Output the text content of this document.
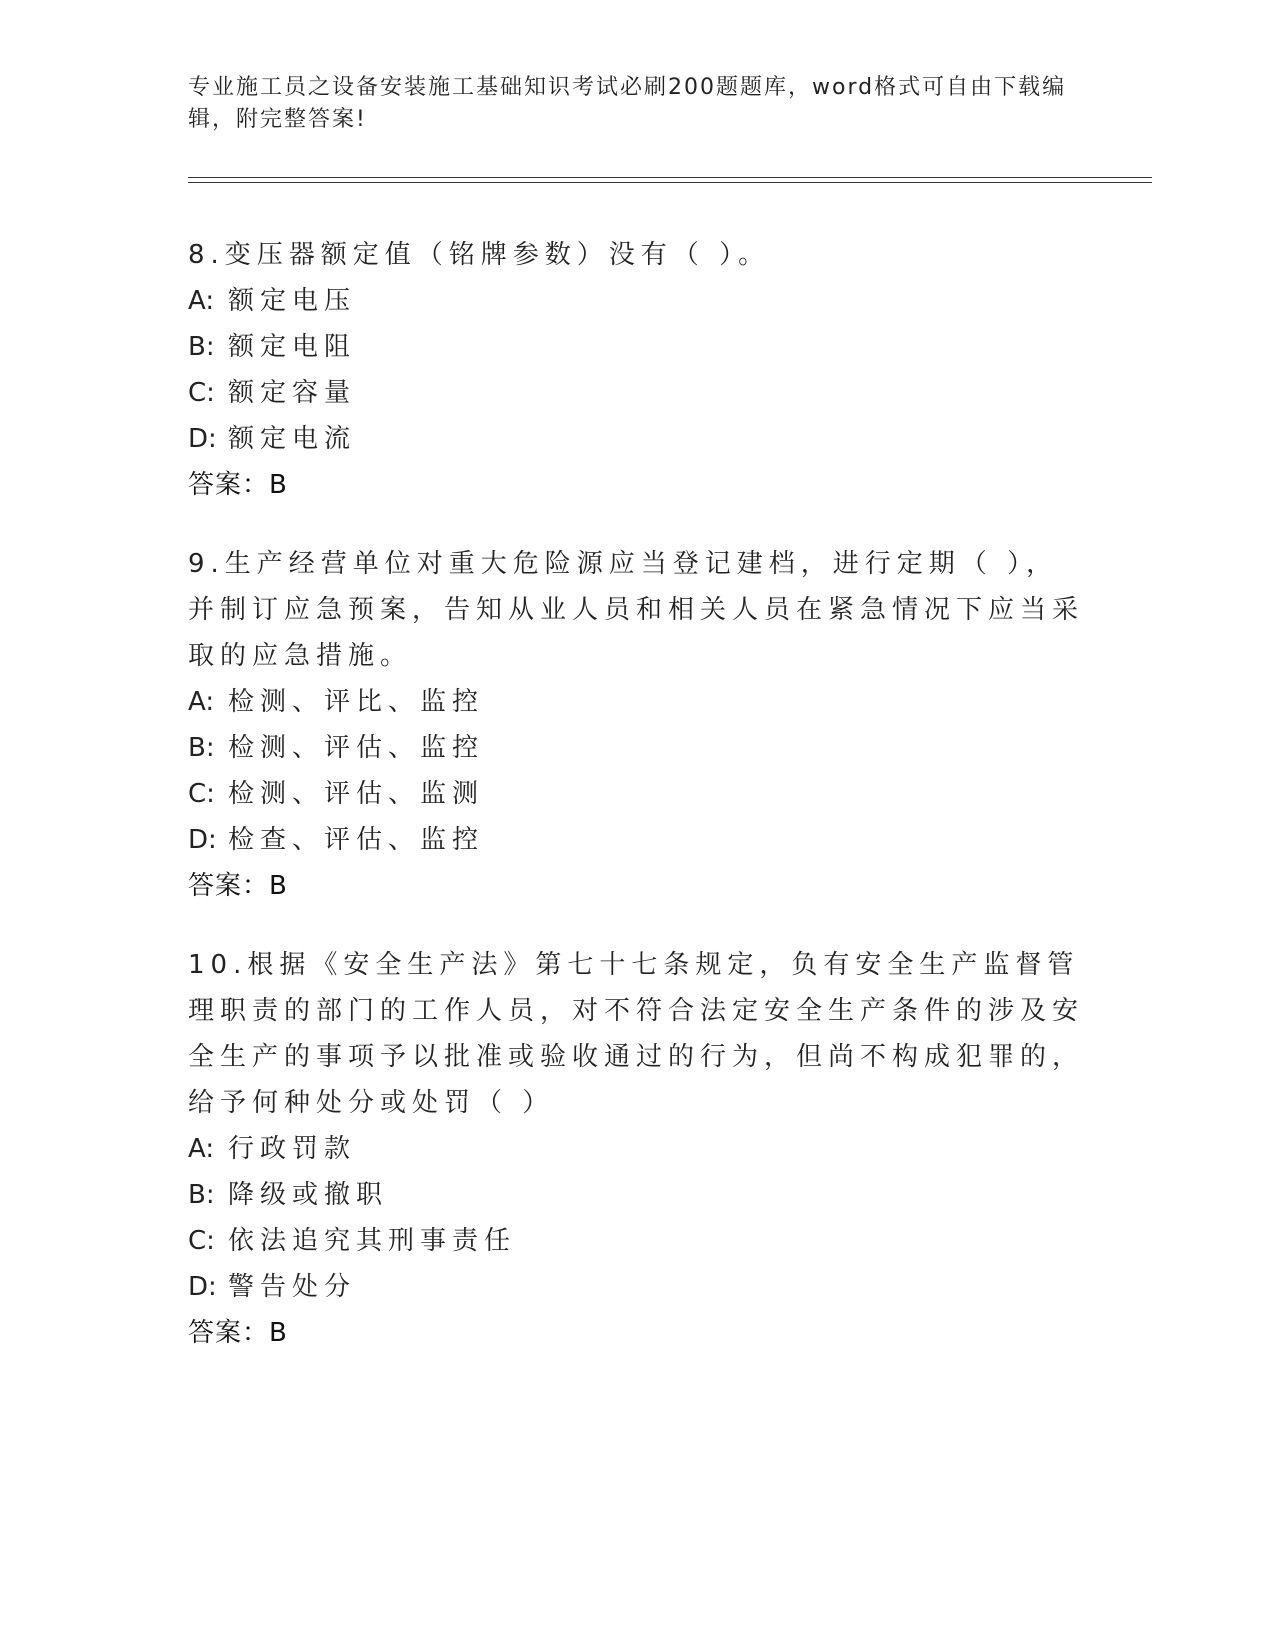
专业施工员之设备安装施工基础知识考试必刷200题题库，word格式可自由下载编辑，附完整答案!
8.变压器额定值（铭牌参数）没有（ ）。
A: 额定电压
B: 额定电阻
C: 额定容量
D: 额定电流
答案：B
9.生产经营单位对重大危险源应当登记建档，进行定期（ ），并制订应急预案，告知从业人员和相关人员在紧急情况下应当采取的应急措施。
A: 检测、评比、监控
B: 检测、评估、监控
C: 检测、评估、监测
D: 检查、评估、监控
答案：B
10.根据《安全生产法》第七十七条规定，负有安全生产监督管理职责的部门的工作人员，对不符合法定安全生产条件的涉及安全生产的事项予以批准或验收通过的行为，但尚不构成犯罪的，给予何种处分或处罚（ ）
A: 行政罚款
B: 降级或撤职
C: 依法追究其刑事责任
D: 警告处分
答案：B
